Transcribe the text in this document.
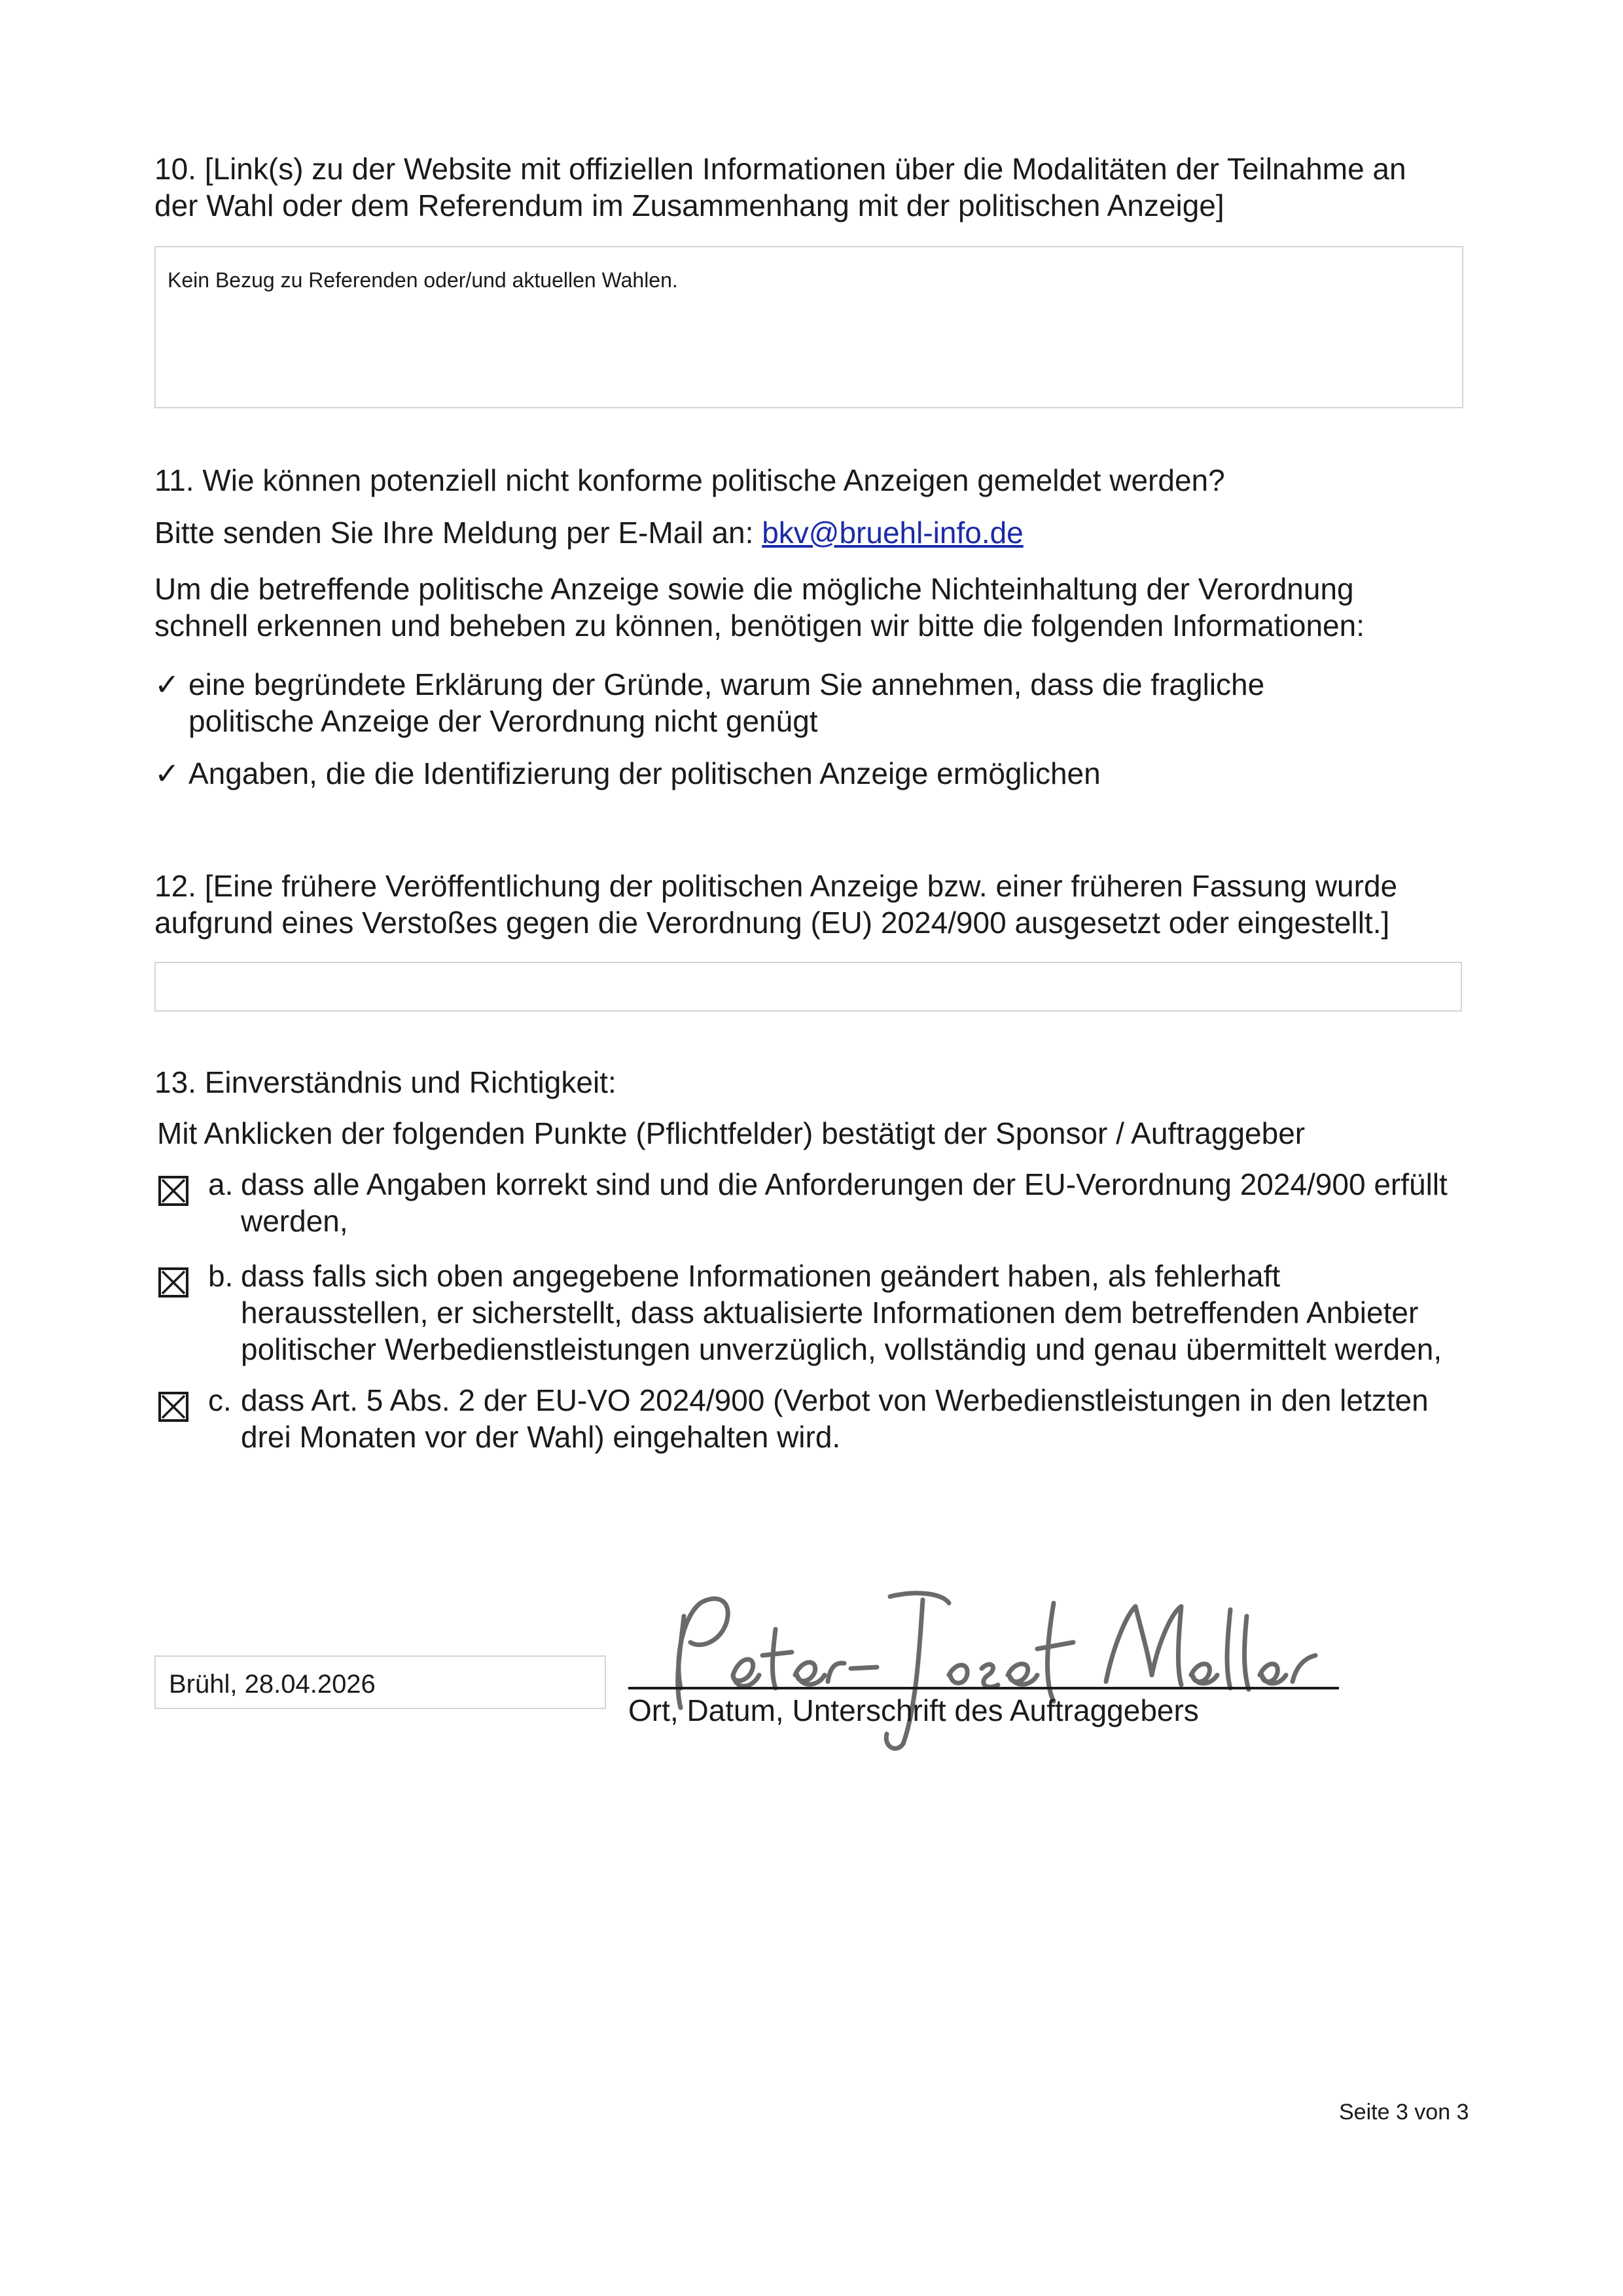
10. [Link(s) zu der Website mit offiziellen Informationen über die Modalitäten der Teilnahme an

der Wahl oder dem Referendum im Zusammenhang mit der politischen Anzeige]

Kein Bezug zu Referenden oder/und aktuellen Wahlen.

11. Wie können potenziell nicht konforme politische Anzeigen gemeldet werden?

Bitte senden Sie Ihre Meldung per E-Mail an: bkv@bruehl-info.de

Um die betreffende politische Anzeige sowie die mögliche Nichteinhaltung der Verordnung

schnell erkennen und beheben zu können, benötigen wir bitte die folgenden Informationen:

✓ eine begründete Erklärung der Gründe, warum Sie annehmen, dass die fragliche

politische Anzeige der Verordnung nicht genügt

✓ Angaben, die die Identifizierung der politischen Anzeige ermöglichen

12. [Eine frühere Veröffentlichung der politischen Anzeige bzw. einer früheren Fassung wurde

aufgrund eines Verstoßes gegen die Verordnung (EU) 2024/900 ausgesetzt oder eingestellt.]

13. Einverständnis und Richtigkeit:

Mit Anklicken der folgenden Punkte (Pflichtfelder) bestätigt der Sponsor / Auftraggeber

a. dass alle Angaben korrekt sind und die Anforderungen der EU-Verordnung 2024/900 erfüllt

werden,

b. dass falls sich oben angegebene Informationen geändert haben, als fehlerhaft

herausstellen, er sicherstellt, dass aktualisierte Informationen dem betreffenden Anbieter

politischer Werbedienstleistungen unverzüglich, vollständig und genau übermittelt werden,

c. dass Art. 5 Abs. 2 der EU-VO 2024/900 (Verbot von Werbedienstleistungen in den letzten

drei Monaten vor der Wahl) eingehalten wird.

Brühl, 28.04.2026

Ort, Datum, Unterschrift des Auftraggebers

Seite 3 von 3
